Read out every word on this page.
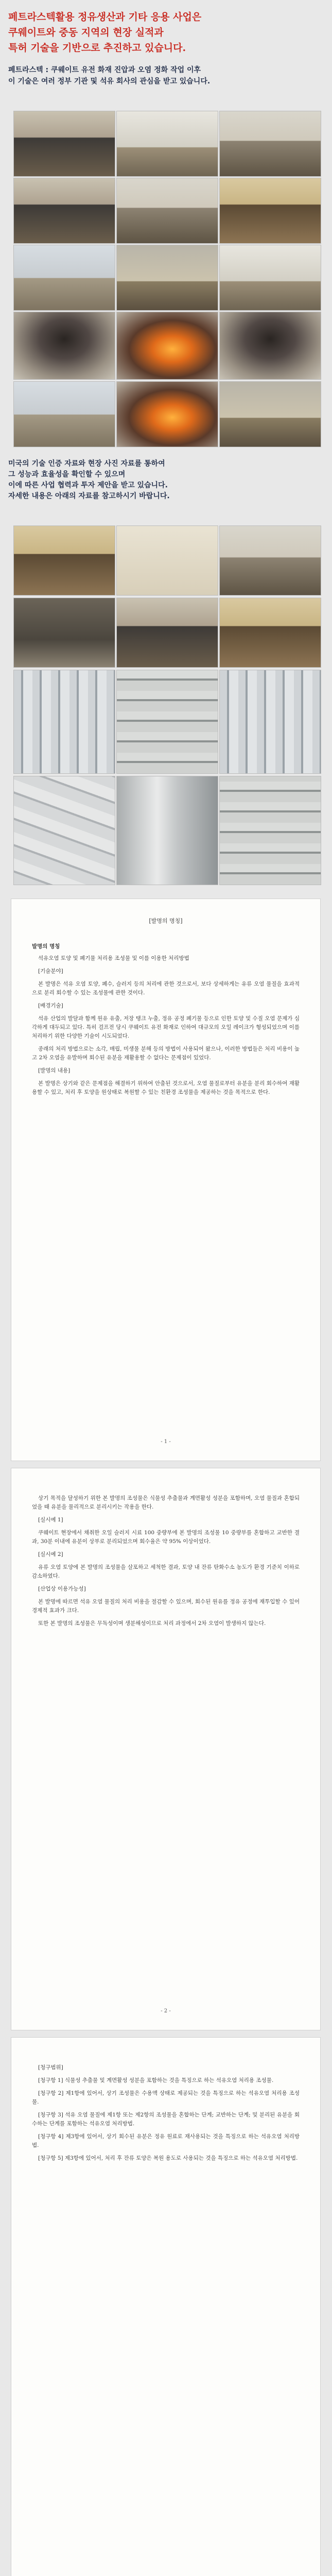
페트라스텍활용 정유생산과 기타 응용 사업은
쿠웨이트와 중동 지역의 현장 실적과
특허 기술을 기반으로 추진하고 있습니다.
페트라스텍 : 쿠웨이트 유전 화재 진압과 오염 정화 작업 이후
이 기술은 여러 정부 기관 및 석유 회사의 관심을 받고 있습니다.
미국의 기술 인증 자료와 현장 사진 자료를 통하여
그 성능과 효율성을 확인할 수 있으며
이에 따른 사업 협력과 투자 제안을 받고 있습니다.
자세한 내용은 아래의 자료를 참고하시기 바랍니다.
[발명의 명칭]

발명의 명칭

석유오염 토양 및 폐기물 처리용 조성물 및 이를 이용한 처리방법

[기술분야]

본 발명은 석유 오염 토양, 폐수, 슬러지 등의 처리에 관한 것으로서, 보다 상세하게는 유류 오염 물질을 효과적으로 분리 회수할 수 있는 조성물에 관한 것이다.

[배경기술]

석유 산업의 발달과 함께 원유 유출, 저장 탱크 누출, 정유 공정 폐기물 등으로 인한 토양 및 수질 오염 문제가 심각하게 대두되고 있다. 특히 걸프전 당시 쿠웨이트 유전 화재로 인하여 대규모의 오일 레이크가 형성되었으며 이를 처리하기 위한 다양한 기술이 시도되었다.

종래의 처리 방법으로는 소각, 매립, 미생물 분해 등의 방법이 사용되어 왔으나, 이러한 방법들은 처리 비용이 높고 2차 오염을 유발하며 회수된 유분을 재활용할 수 없다는 문제점이 있었다.

[발명의 내용]

본 발명은 상기와 같은 문제점을 해결하기 위하여 안출된 것으로서, 오염 물질로부터 유분을 분리 회수하여 재활용할 수 있고, 처리 후 토양을 원상태로 복원할 수 있는 친환경 조성물을 제공하는 것을 목적으로 한다.

- 1 -

상기 목적을 달성하기 위한 본 발명의 조성물은 식물성 추출물과 계면활성 성분을 포함하며, 오염 물질과 혼합되었을 때 유분을 물리적으로 분리시키는 작용을 한다.

[실시예 1]

쿠웨이트 현장에서 채취한 오일 슬러지 시료 100 중량부에 본 발명의 조성물 10 중량부를 혼합하고 교반한 결과, 30분 이내에 유분이 상부로 분리되었으며 회수율은 약 95% 이상이었다.

[실시예 2]

유류 오염 토양에 본 발명의 조성물을 살포하고 세척한 결과, 토양 내 잔류 탄화수소 농도가 환경 기준치 이하로 감소하였다.

[산업상 이용가능성]

본 발명에 따르면 석유 오염 물질의 처리 비용을 절감할 수 있으며, 회수된 원유를 정유 공정에 재투입할 수 있어 경제적 효과가 크다.

또한 본 발명의 조성물은 무독성이며 생분해성이므로 처리 과정에서 2차 오염이 발생하지 않는다.

- 2 -

[청구범위]

[청구항 1] 식물성 추출물 및 계면활성 성분을 포함하는 것을 특징으로 하는 석유오염 처리용 조성물.

[청구항 2] 제1항에 있어서, 상기 조성물은 수용액 상태로 제공되는 것을 특징으로 하는 석유오염 처리용 조성물.

[청구항 3] 석유 오염 물질에 제1항 또는 제2항의 조성물을 혼합하는 단계; 교반하는 단계; 및 분리된 유분을 회수하는 단계를 포함하는 석유오염 처리방법.

[청구항 4] 제3항에 있어서, 상기 회수된 유분은 정유 원료로 재사용되는 것을 특징으로 하는 석유오염 처리방법.

[청구항 5] 제3항에 있어서, 처리 후 잔류 토양은 복원 용도로 사용되는 것을 특징으로 하는 석유오염 처리방법.
